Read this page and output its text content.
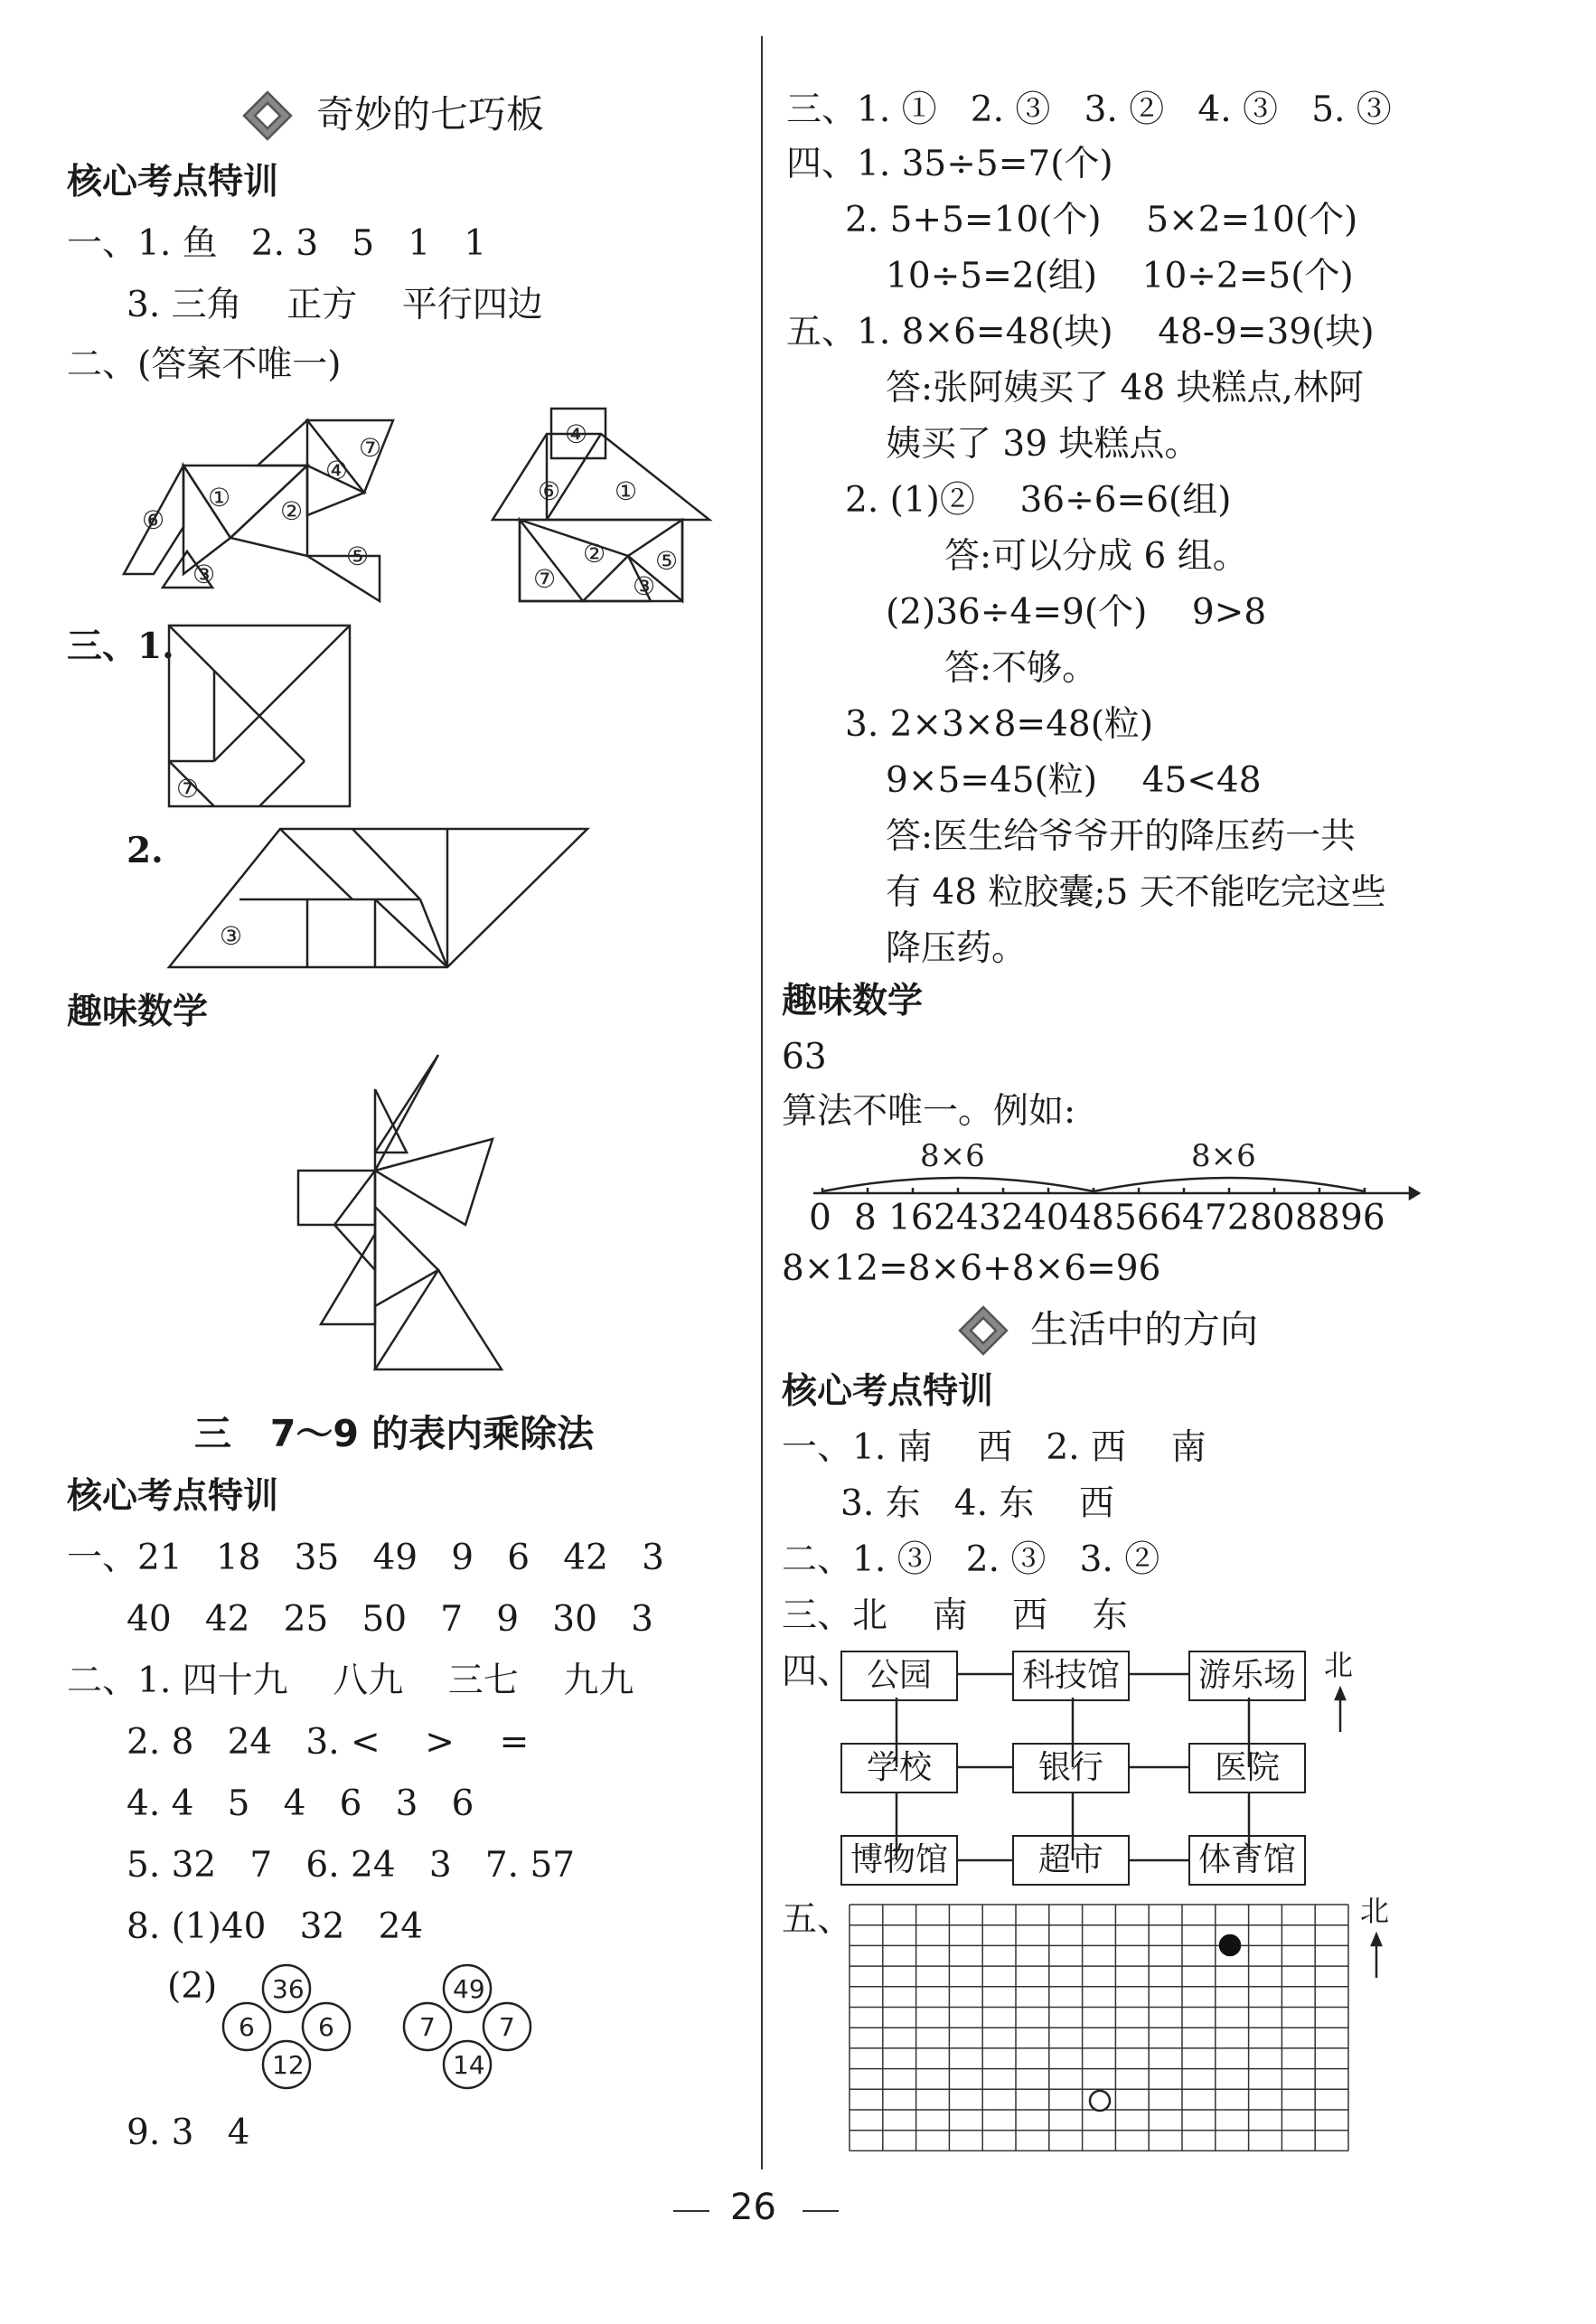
奇妙的七巧板
核心考点特训
一、1. 鱼   2. 3   5   1   1
3. 三角    正方    平行四边
二、(答案不唯一)
⑥
① ②
④
⑦
③
⑤
④
⑥ ①
②
⑦	③
⑤
三、1.
⑦
2.
③
趣味数学
三   7～9 的表内乘除法
核心考点特训
一、21   18   35   49   9   6   42   3
40   42   25   50   7   9   30   3
二、1. 四十九    八九    三七    九九
2. 8   24   3. <    >    =
4. 4   5   4   6   3   6
5. 32   7   6. 24   3   7. 57
8. (1)40   32   24
(2) 36
6	6
12
49
7	7
14
9. 3   4
三、1. ①   2. ③   3. ②   4. ③   5. ③
四、1. 35÷5=7(个)
2. 5+5=10(个)    5×2=10(个)
10÷5=2(组)    10÷2=5(个)
五、1. 8×6=48(块)    48-9=39(块)
答:张阿姨买了 48 块糕点,林阿
姨买了 39 块糕点。
2. (1)②    36÷6=6(组)
答:可以分成 6 组。
(2)36÷4=9(个)    9>8
答:不够。
3. 2×3×8=48(粒)
9×5=45(粒)    45<48
答:医生给爷爷开的降压药一共
有 48 粒胶囊;5 天不能吃完这些
降压药。
趣味数学
63
算法不唯一。例如:
8×6	8×6
0 8 16 24 32 40 48 56 64 72 80 88 96
8×12=8×6+8×6=96
生活中的方向
核心考点特训
一、1. 南    西   2. 西    南
3. 东   4. 东    西
二、1. ③   2. ③   3. ②
三、北    南    西    东
四、 公园	科技馆	游乐场
学校	银行	医院
博物馆	超市	体育馆
北
五、	北
26
